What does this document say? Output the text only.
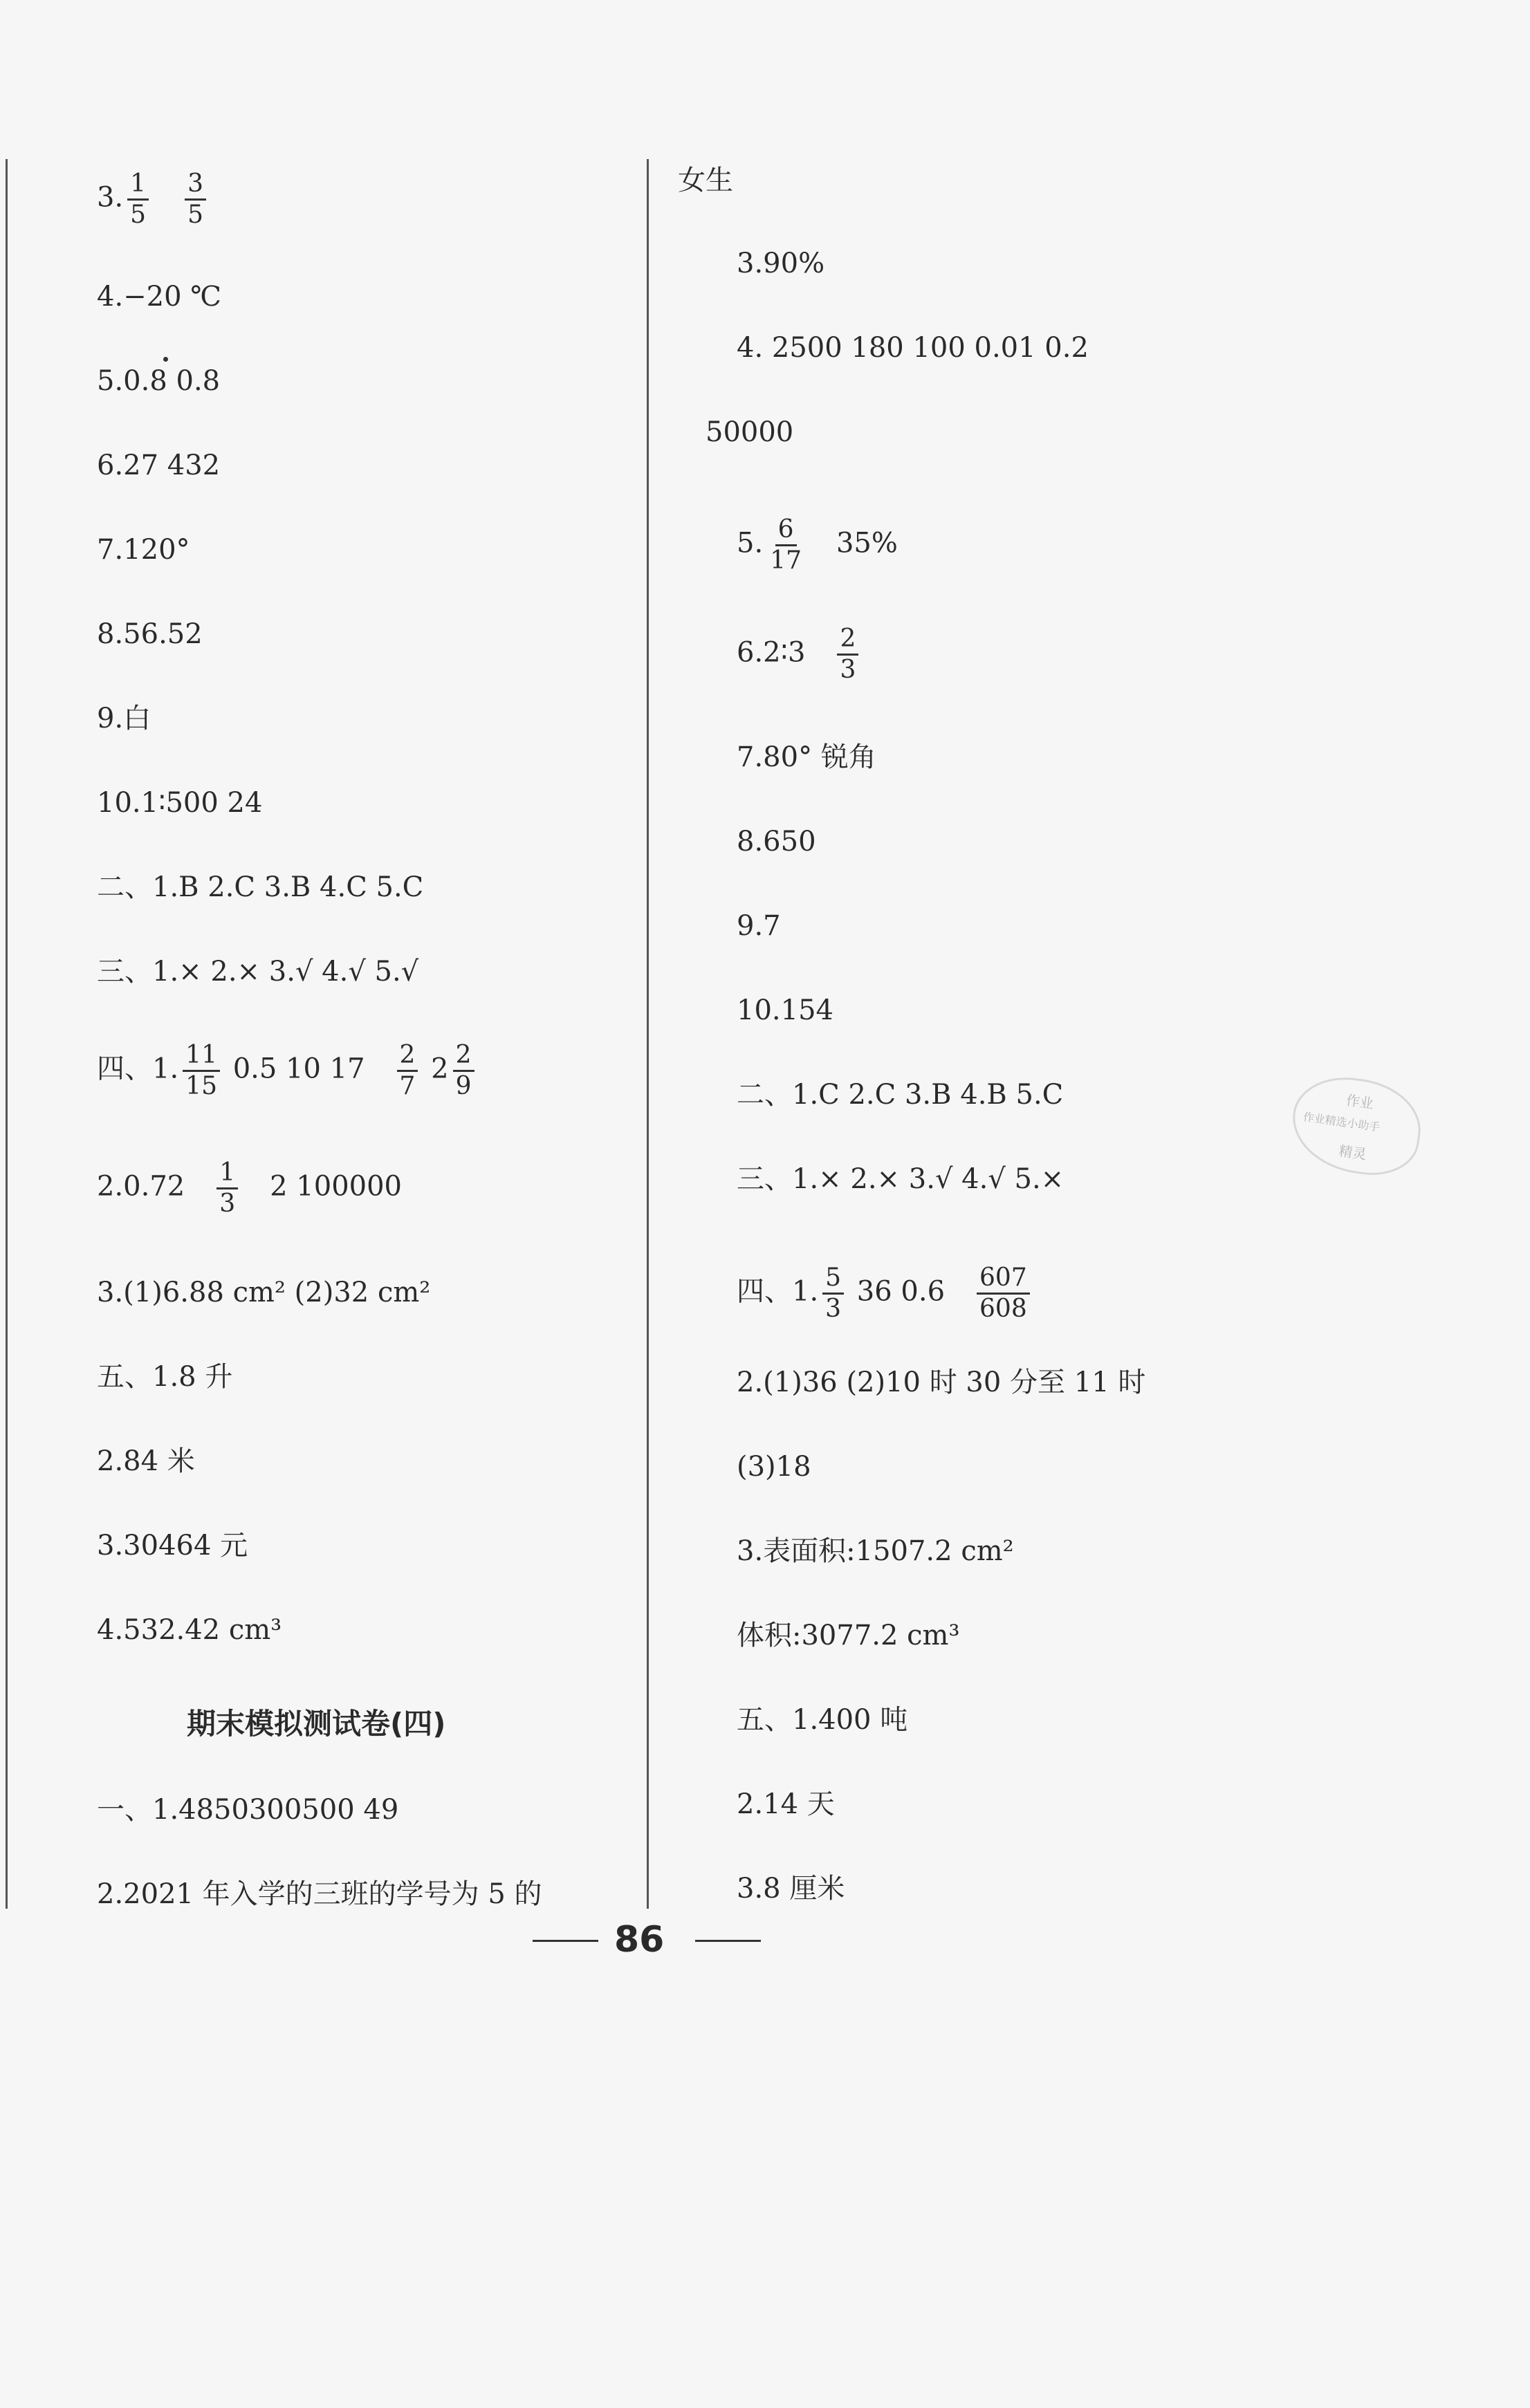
3. $\frac{1}{5} \frac{3}{5}$
4.−20 ℃
5.0.8 0.8
6.27 432
7.120°
8.56.52
9.白
10.1∶500 24
二、1.B 2.C 3.B 4.C 5.C
三、1.× 2.× 3.√ 4.√ 5.√
四、1. $\frac{11}{15} 0.5$ 10 $17 \frac{2}{7} 2 \frac{2}{9}$
$2.0.72 \frac{1}{3} 2$ 100000
3.(1)6.88 cm² (2)32 cm²
五、1.8 升
2.84 米
3.30464 元
4.532.42 cm³
期末模拟测试卷(四)
一、1.4850300500 49
2.2021 年入学的三班的学号为 5 的
女生
3.90%
4. 2500 180 100 0.01 0.2
50000
5. $\frac{6}{17} 35\%$
6.2∶3 $\frac{2}{3}$
7.80° 锐角
8.650
9.7
10.154
二、1.C 2.C 3.B 4.B 5.C
三、1.× 2.× 3.√ 4.√ 5.×
四、1. $\frac{5}{3} 36$ $0.6 \frac{607}{608}$
2.(1)36 (2)10 时 30 分至 11 时
(3)18
3.表面积:1507.2 cm²
体积:3077.2 cm³
五、1.400 吨
2.14 天
3.8 厘米
作业
作业精选小助手
精灵
86
